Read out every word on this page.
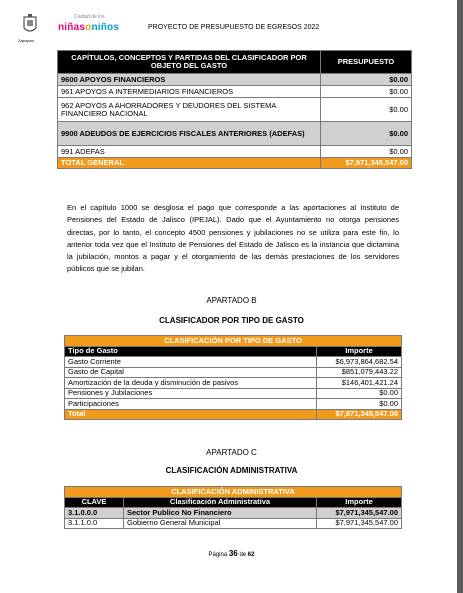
Zapopan
Ciudad de los
niñasoniños	PROYECTO DE PRESUPUESTO DE EGRESOS 2022
CAPÍTULOS, CONCEPTOS Y PARTIDAS DEL CLASIFICADOR POR OBJETO DEL GASTO	PRESUPUESTO
9600 APOYOS FINANCIEROS	$0.00
961 APOYOS A INTERMEDIARIOS FINANCIEROS	$0.00
962 APOYOS A AHORRADORES Y DEUDORES DEL SISTEMA FINANCIERO NACIONAL	$0.00
9900 ADEUDOS DE EJERCICIOS FISCALES ANTERIORES (ADEFAS)	$0.00
991 ADEFAS	$0.00
TOTAL GENERAL	$7,971,345,547.00
En el capítulo 1000 se desglosa el pago que corresponde a las aportaciones al Instituto de Pensiones del Estado de Jalisco (IPEJAL). Dado que el Ayuntamiento no otorga pensiones directas, por lo tanto, el concepto 4500 pensiones y jubilaciones no se utiliza para este fin, lo anterior toda vez que el Instituto de Pensiones del Estado de Jalisco es la instancia que dictamina la jubilación, montos a pagar y el otorgamiento de las demás prestaciones de los servidores públicos que se jubilan.
APARTADO B
CLASIFICADOR POR TIPO DE GASTO
CLASIFICACIÓN POR TIPO DE GASTO	
Tipo de Gasto	Importe
Gasto Corriente	$6,973,864,682.54
Gasto de Capital	$851,079,443.22
Amortización de la deuda y disminución de pasivos	$146,401,421.24
Pensiones y Jubilaciones	$0.00
Participaciones	$0.00
Total	$7,971,345,547.00
APARTADO C
CLASIFICACIÓN ADMINISTRATIVA
CLASIFICACIÓN ADMINISTRATIVA		
CLAVE	Clasificación Administrativa	Importe
3.1.0.0.0	Sector Publico No Financiero	$7,971,345,547.00
3.1.1.0.0	Gobierno General Municipal	$7,971,345,547.00
Página 36 de 62
